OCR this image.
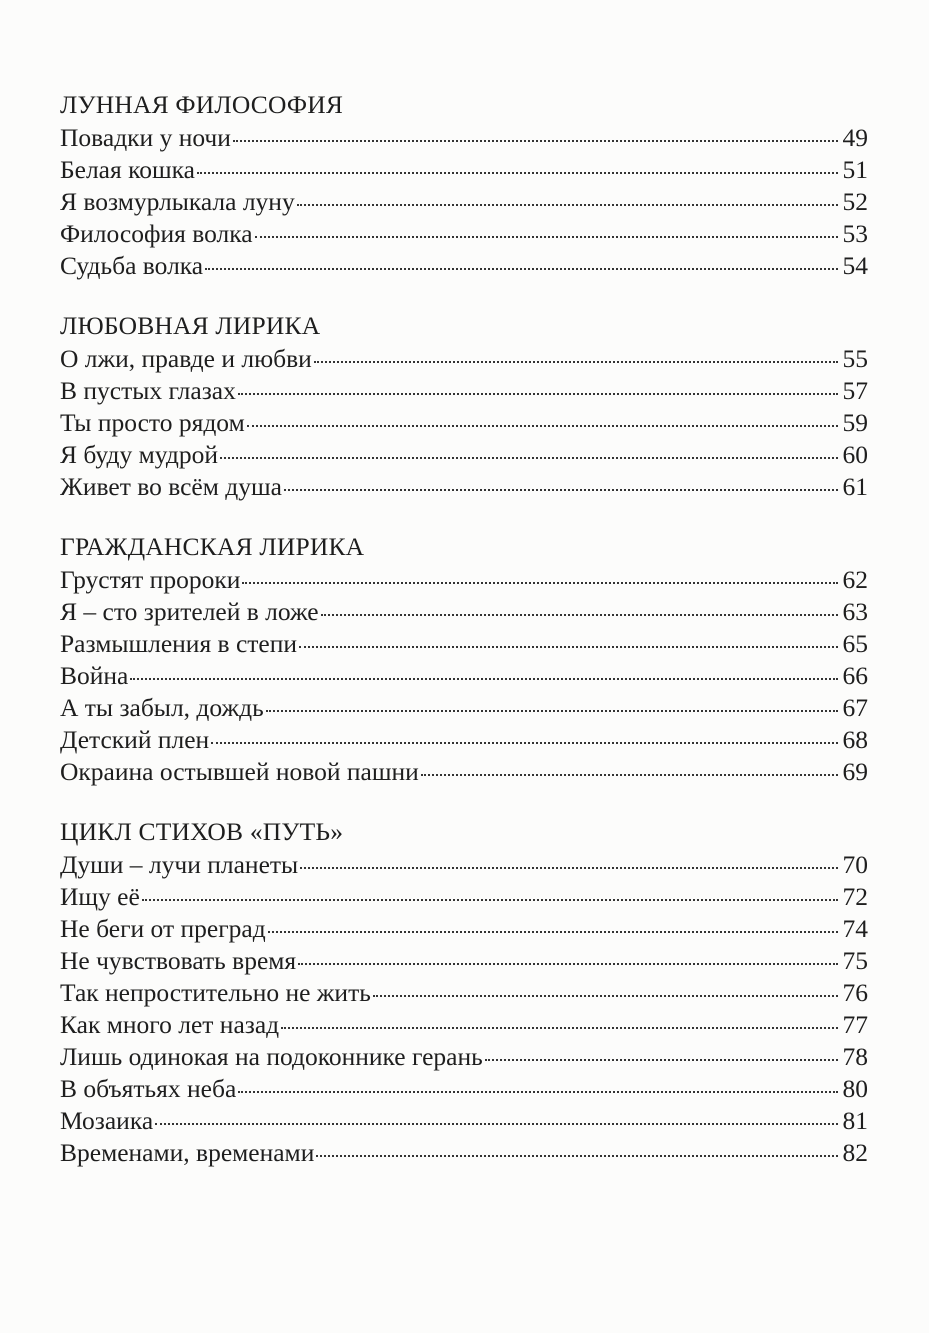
ЛУННАЯ ФИЛОСОФИЯ
Повадки у ночи	49
Белая кошка	51
Я возмурлыкала луну	52
Философия волка	53
Судьба волка	54
ЛЮБОВНАЯ ЛИРИКА
О лжи, правде и любви	55
В пустых глазах	57
Ты просто рядом	59
Я буду мудрой	60
Живет во всём душа	61
ГРАЖДАНСКАЯ ЛИРИКА
Грустят пророки	62
Я – сто зрителей в ложе	63
Размышления в степи	65
Война	66
А ты забыл, дождь	67
Детский плен	68
Окраина остывшей новой пашни	69
ЦИКЛ СТИХОВ «ПУТЬ»
Души – лучи планеты	70
Ищу её	72
Не беги от преград	74
Не чувствовать время	75
Так непростительно не жить	76
Как много лет назад	77
Лишь одинокая на подоконнике герань	78
В объятьях неба	80
Мозаика	81
Временами, временами	82
